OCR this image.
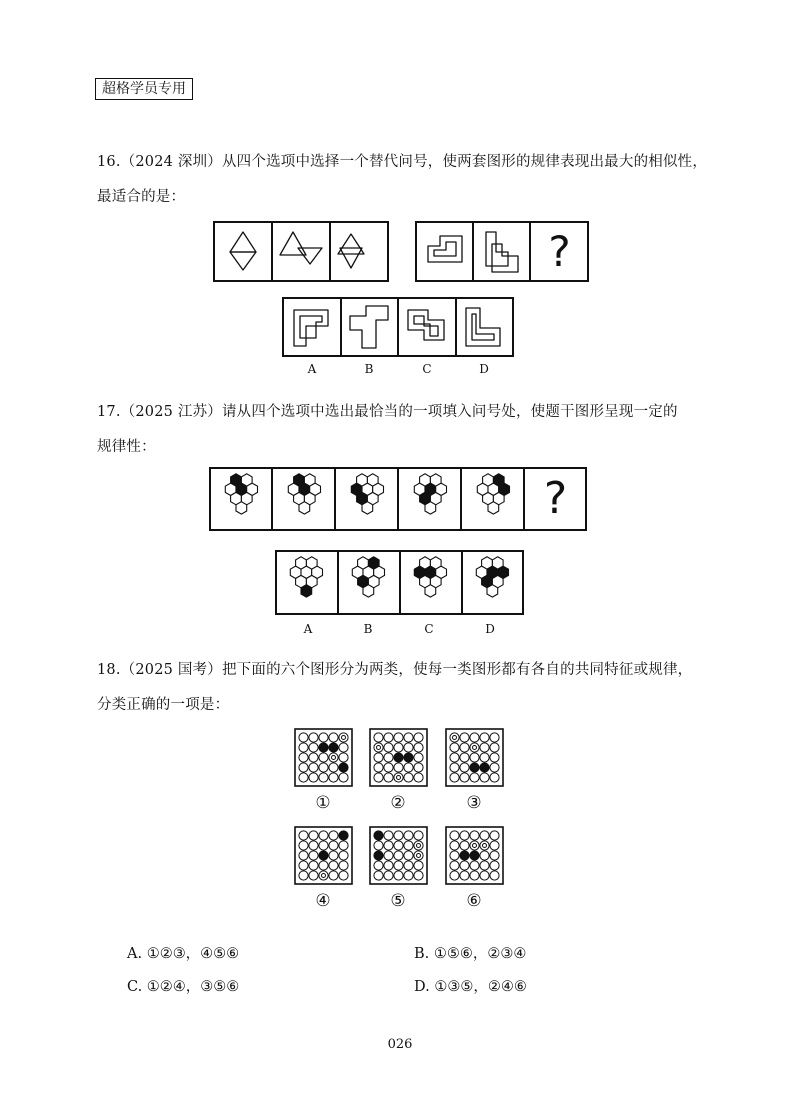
超格学员专用
16.（2024 深圳）从四个选项中选择一个替代问号，使两套图形的规律表现出最大的相似性，
最适合的是：
?
A	B	C	D
17.（2025 江苏）请从四个选项中选出最恰当的一项填入问号处，使题干图形呈现一定的
规律性：
?
A	B	C	D
18.（2025 国考）把下面的六个图形分为两类，使每一类图形都有各自的共同特征或规律，
分类正确的一项是：
①	②	③
④	⑤	⑥
A. ①②③，④⑤⑥	B. ①⑤⑥，②③④
C. ①②④，③⑤⑥	D. ①③⑤，②④⑥
026
